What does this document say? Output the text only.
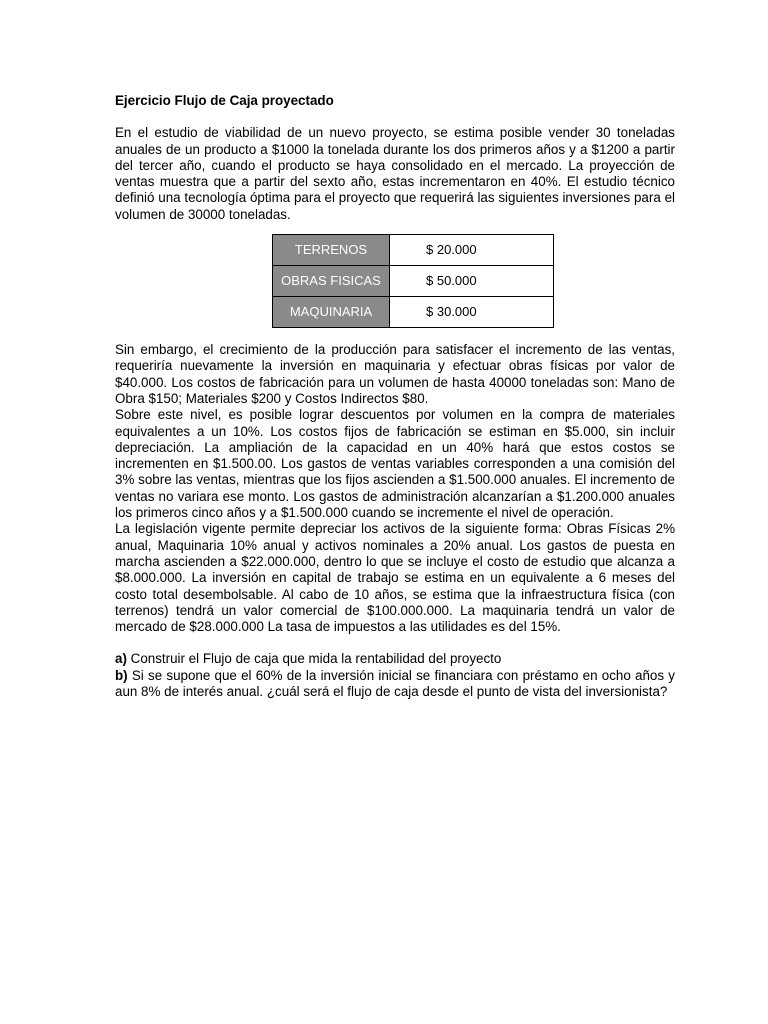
Ejercicio Flujo de Caja proyectado

En el estudio de viabilidad de un nuevo proyecto, se estima posible vender 30 toneladas anuales de un producto a $1000 la tonelada durante los dos primeros años y a $1200 a partir del tercer año, cuando el producto se haya consolidado en el mercado. La proyección de ventas muestra que a partir del sexto año, estas incrementaron en 40%. El estudio técnico definió una tecnología óptima para el proyecto que requerirá las siguientes inversiones para el volumen de 30000 toneladas.

TERRENOS	$ 20.000
OBRAS FISICAS	$ 50.000
MAQUINARIA	$ 30.000

Sin embargo, el crecimiento de la producción para satisfacer el incremento de las ventas, requeriría nuevamente la inversión en maquinaria y efectuar obras físicas por valor de $40.000. Los costos de fabricación para un volumen de hasta 40000 toneladas son: Mano de Obra $150; Materiales $200 y Costos Indirectos $80.

Sobre este nivel, es posible lograr descuentos por volumen en la compra de materiales equivalentes a un 10%. Los costos fijos de fabricación se estiman en $5.000, sin incluir depreciación. La ampliación de la capacidad en un 40% hará que estos costos se incrementen en $1.500.00. Los gastos de ventas variables corresponden a una comisión del 3% sobre las ventas, mientras que los fijos ascienden a $1.500.000 anuales. El incremento de ventas no variara ese monto. Los gastos de administración alcanzarían a $1.200.000 anuales los primeros cinco años y a $1.500.000 cuando se incremente el nivel de operación.

La legislación vigente permite depreciar los activos de la siguiente forma: Obras Físicas 2% anual, Maquinaria 10% anual y activos nominales a 20% anual. Los gastos de puesta en marcha ascienden a $22.000.000, dentro lo que se incluye el costo de estudio que alcanza a $8.000.000. La inversión en capital de trabajo se estima en un equivalente a 6 meses del costo total desembolsable. Al cabo de 10 años, se estima que la infraestructura física (con terrenos) tendrá un valor comercial de $100.000.000. La maquinaria tendrá un valor de mercado de $28.000.000 La tasa de impuestos a las utilidades es del 15%.

a) Construir el Flujo de caja que mida la rentabilidad del proyecto

b) Si se supone que el 60% de la inversión inicial se financiara con préstamo en ocho años y aun 8% de interés anual. ¿cuál será el flujo de caja desde el punto de vista del inversionista?
